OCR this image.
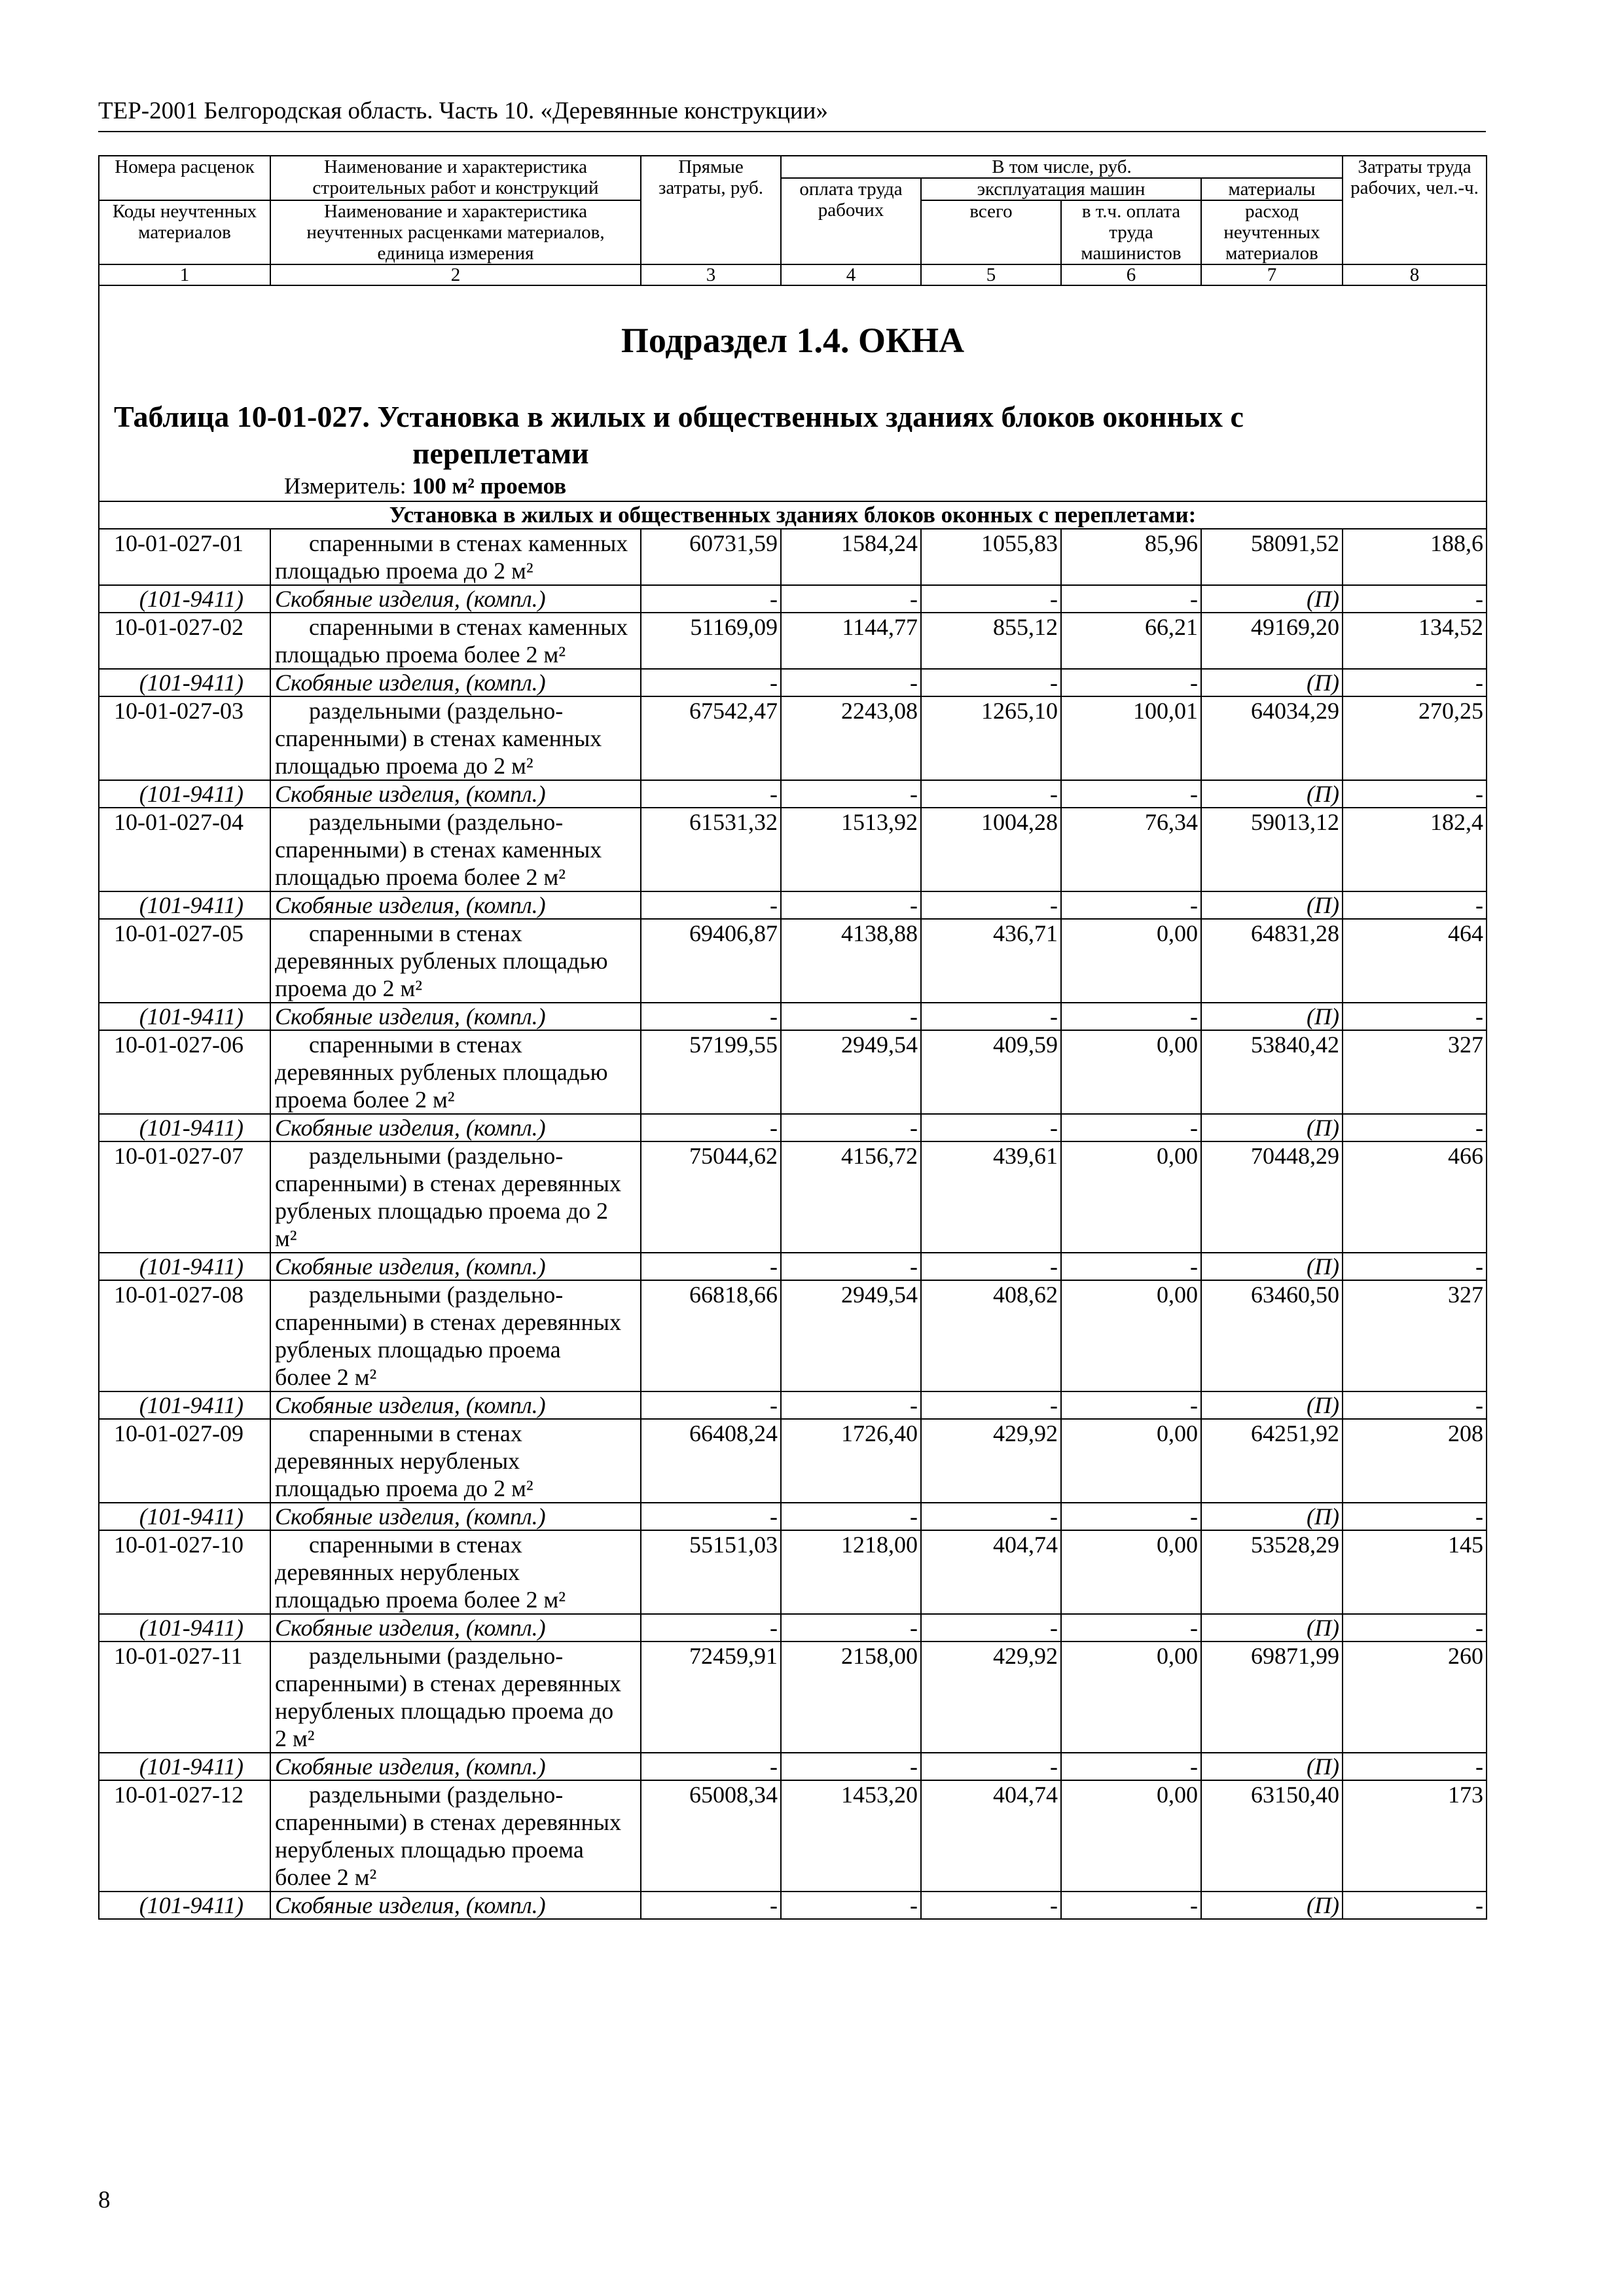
ТЕР-2001 Белгородская область. Часть 10. «Деревянные конструкции»
Номера расценок	Наименование и характеристика строительных работ и конструкций	Прямые затраты, руб.	В том числе, руб.				Затраты труда рабочих, чел.-ч.
			оплата труда рабочих	эксплуатация машин		материалы	
Коды неучтенных материалов	Наименование и характеристика неучтенных расценками материалов, единица измерения			всего	в т.ч. оплата труда машинистов	расход неучтенных материалов	

1	2	3	4	5	6	7	8

Подраздел 1.4. ОКНА
Таблица 10-01-027. Установка в жилых и общественных зданиях блоков оконных с
переплетами
Измеритель: 100 м² проемов							

Установка в жилых и общественных зданиях блоков оконных с переплетами:							
10-01-027-01	спаренными в стенах каменных
площадью проема до 2 м²	60731,59	1584,24	1055,83	85,96	58091,52	188,6
(101-9411)	Скобяные изделия, (компл.)	-	-	-	-	(П)	-
10-01-027-02	спаренными в стенах каменных
площадью проема более 2 м²	51169,09	1144,77	855,12	66,21	49169,20	134,52
(101-9411)	Скобяные изделия, (компл.)	-	-	-	-	(П)	-
10-01-027-03	раздельными (раздельно-
спаренными) в стенах каменных
площадью проема до 2 м²	67542,47	2243,08	1265,10	100,01	64034,29	270,25
(101-9411)	Скобяные изделия, (компл.)	-	-	-	-	(П)	-
10-01-027-04	раздельными (раздельно-
спаренными) в стенах каменных
площадью проема более 2 м²	61531,32	1513,92	1004,28	76,34	59013,12	182,4
(101-9411)	Скобяные изделия, (компл.)	-	-	-	-	(П)	-
10-01-027-05	спаренными в стенах
деревянных рубленых площадью
проема до 2 м²	69406,87	4138,88	436,71	0,00	64831,28	464
(101-9411)	Скобяные изделия, (компл.)	-	-	-	-	(П)	-
10-01-027-06	спаренными в стенах
деревянных рубленых площадью
проема более 2 м²	57199,55	2949,54	409,59	0,00	53840,42	327
(101-9411)	Скобяные изделия, (компл.)	-	-	-	-	(П)	-
10-01-027-07	раздельными (раздельно-
спаренными) в стенах деревянных
рубленых площадью проема до 2
м²	75044,62	4156,72	439,61	0,00	70448,29	466
(101-9411)	Скобяные изделия, (компл.)	-	-	-	-	(П)	-
10-01-027-08	раздельными (раздельно-
спаренными) в стенах деревянных
рубленых площадью проема
более 2 м²	66818,66	2949,54	408,62	0,00	63460,50	327
(101-9411)	Скобяные изделия, (компл.)	-	-	-	-	(П)	-
10-01-027-09	спаренными в стенах
деревянных нерубленых
площадью проема до 2 м²	66408,24	1726,40	429,92	0,00	64251,92	208
(101-9411)	Скобяные изделия, (компл.)	-	-	-	-	(П)	-
10-01-027-10	спаренными в стенах
деревянных нерубленых
площадью проема более 2 м²	55151,03	1218,00	404,74	0,00	53528,29	145
(101-9411)	Скобяные изделия, (компл.)	-	-	-	-	(П)	-
10-01-027-11	раздельными (раздельно-
спаренными) в стенах деревянных
нерубленых площадью проема до
2 м²	72459,91	2158,00	429,92	0,00	69871,99	260
(101-9411)	Скобяные изделия, (компл.)	-	-	-	-	(П)	-
10-01-027-12	раздельными (раздельно-
спаренными) в стенах деревянных
нерубленых площадью проема
более 2 м²	65008,34	1453,20	404,74	0,00	63150,40	173
(101-9411)	Скобяные изделия, (компл.)	-	-	-	-	(П)	-
8
